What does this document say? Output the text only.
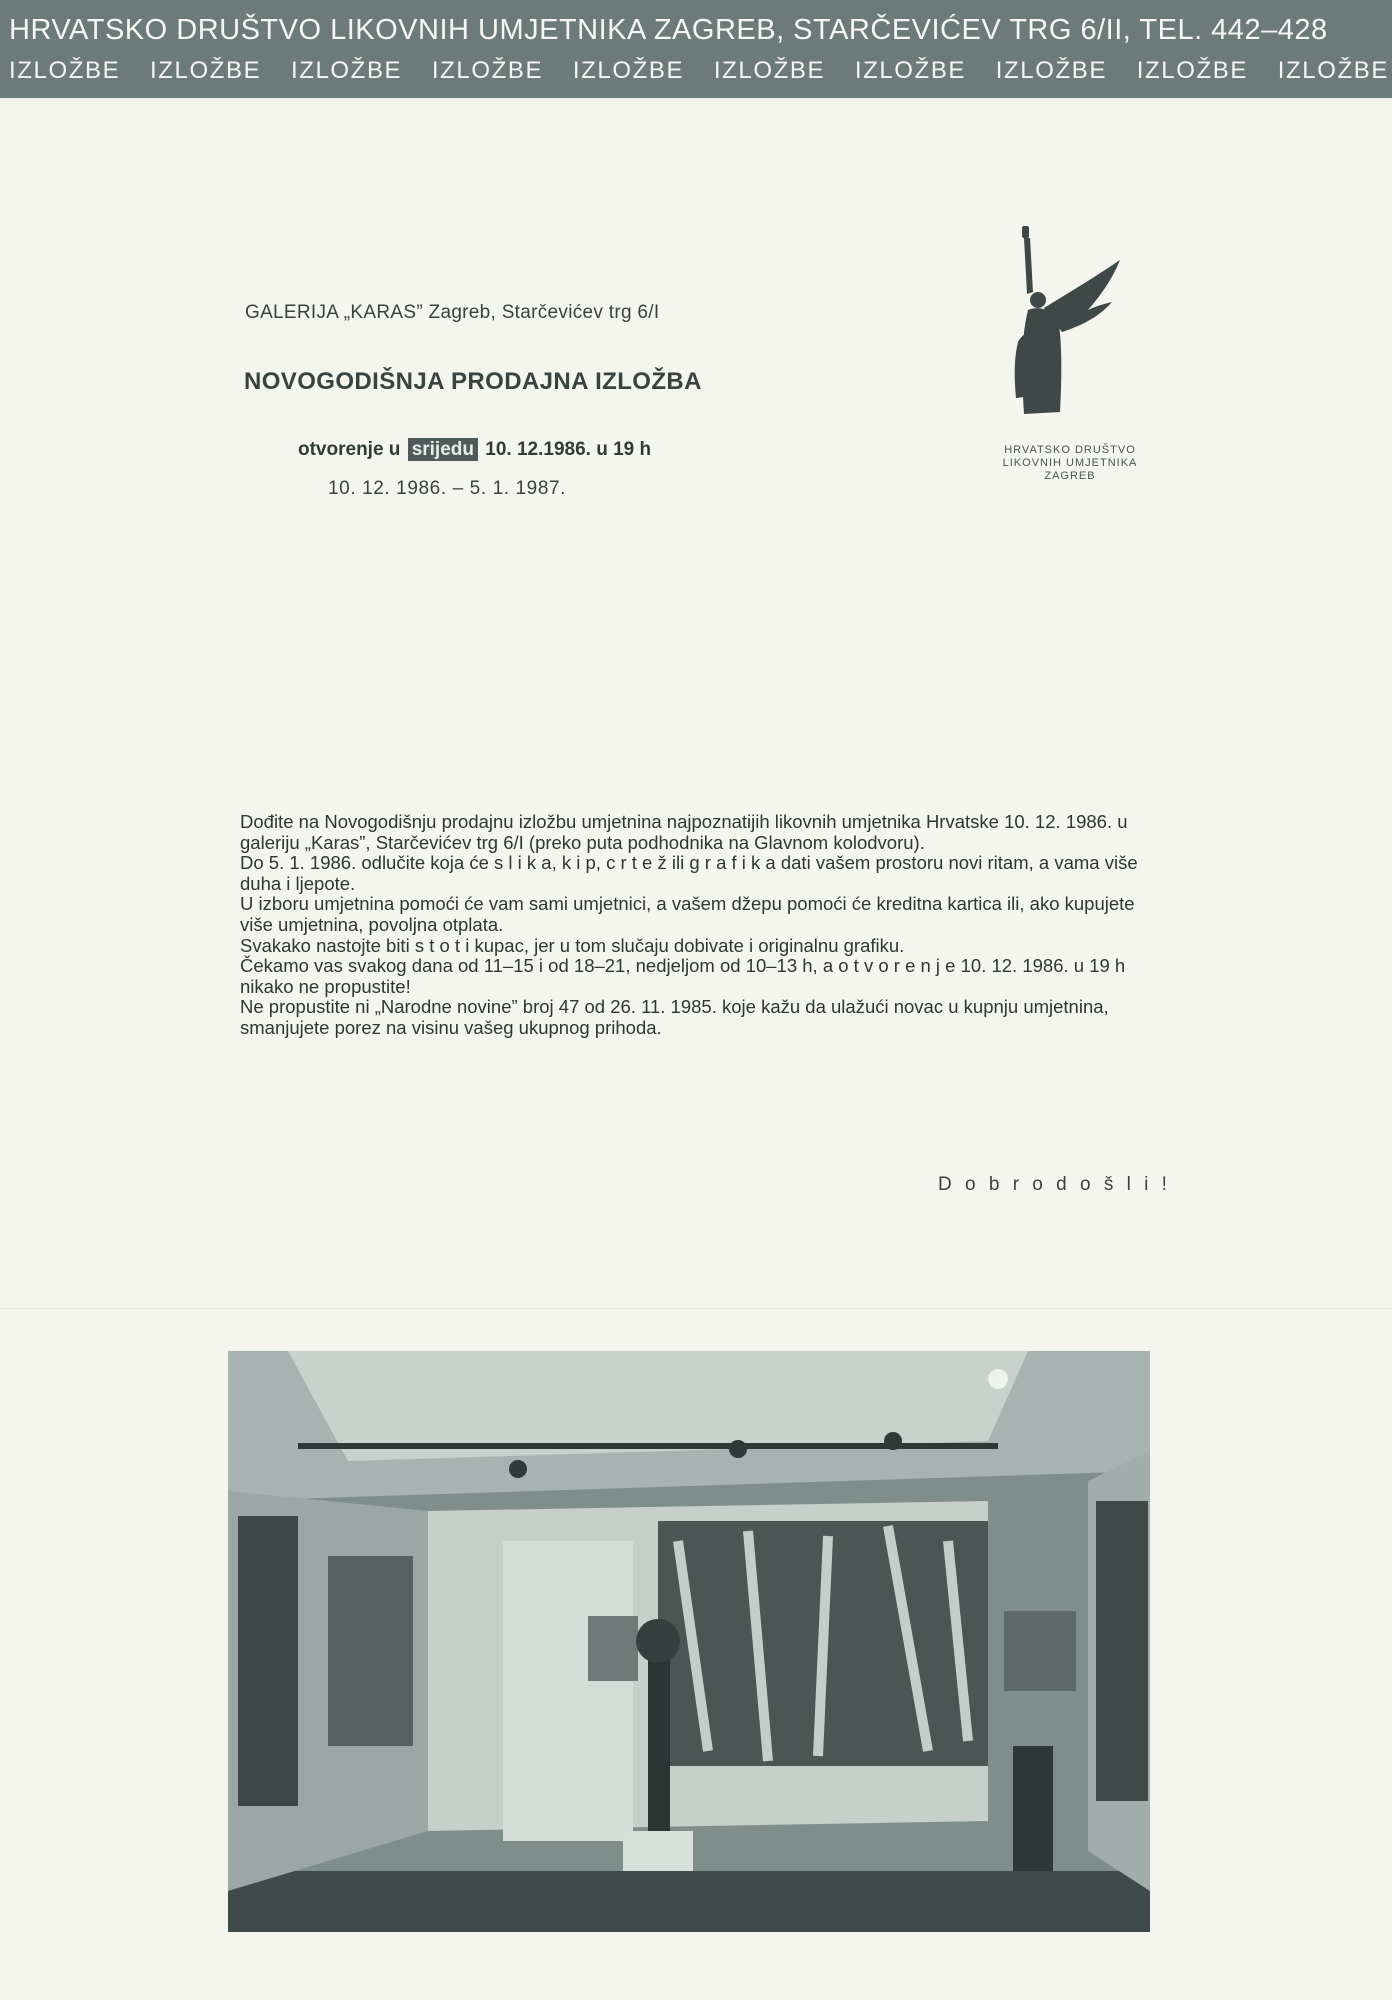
HRVATSKO DRUŠTVO LIKOVNIH UMJETNIKA ZAGREB, STARČEVIĆEV TRG 6/II, TEL. 442–428
IZLOŽBE IZLOŽBE IZLOŽBE IZLOŽBE IZLOŽBE IZLOŽBE IZLOŽBE IZLOŽBE IZLOŽBE IZLOŽBE
GALERIJA „KARAS” Zagreb, Starčevićev trg 6/I
NOVOGODIŠNJA PRODAJNA IZLOŽBA
otvorenje u srijedu 10. 12.1986. u 19 h
10. 12. 1986. – 5. 1. 1987.
HRVATSKO DRUŠTVO
LIKOVNIH UMJETNIKA
ZAGREB

Dođite na Novogodišnju prodajnu izložbu umjetnina najpoznatijih likovnih umjetnika Hrvatske 10. 12. 1986. u galeriju „Karas”, Starčevićev trg 6/I (preko puta podhodnika na Glavnom kolodvoru).

Do 5. 1. 1986. odlučite koja će s l i k a, k i p, c r t e ž ili g r a f i k a dati vašem prostoru novi ritam, a vama više duha i ljepote.

U izboru umjetnina pomoći će vam sami umjetnici, a vašem džepu pomoći će kreditna kartica ili, ako kupujete više umjetnina, povoljna otplata.

Svakako nastojte biti s t o t i kupac, jer u tom slučaju dobivate i originalnu grafiku.

Čekamo vas svakog dana od 11–15 i od 18–21, nedjeljom od 10–13 h, a o t v o r e n j e 10. 12. 1986. u 19 h nikako ne propustite!

Ne propustite ni „Narodne novine” broj 47 od 26. 11. 1985. koje kažu da ulažući novac u kupnju umjetnina, smanjujete porez na visinu vašeg ukupnog prihoda.

D o b r o d o š l i !
